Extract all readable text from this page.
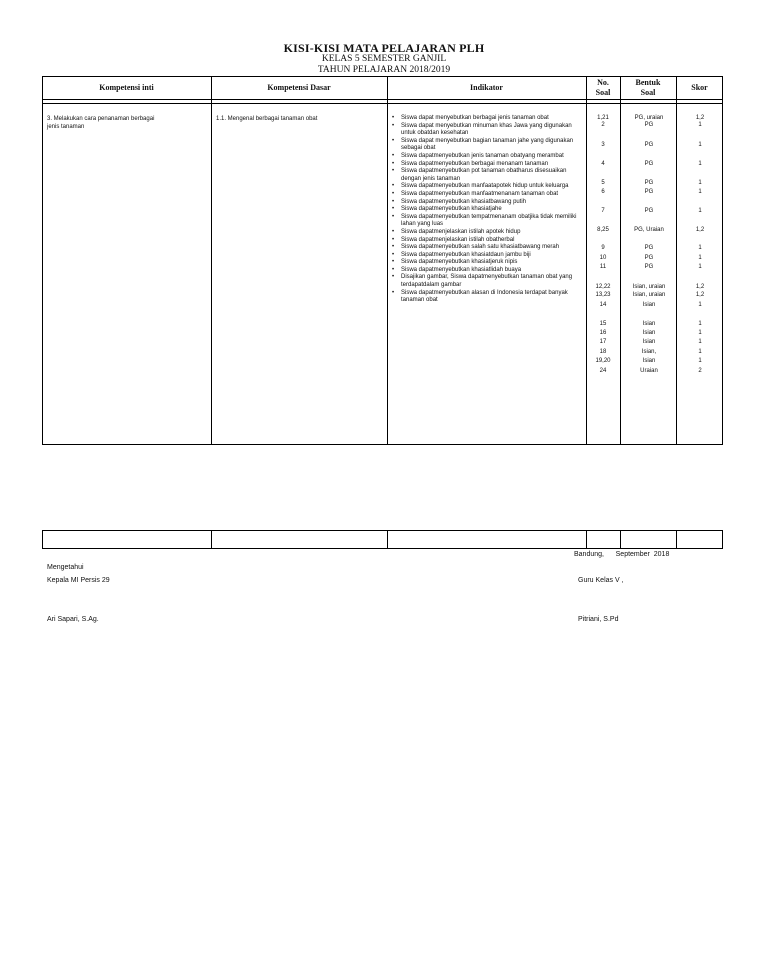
KISI-KISI MATA PELAJARAN PLH
KELAS 5 SEMESTER GANJIL
TAHUN PELAJARAN 2018/2019
Kompetensi inti	Kompetensi Dasar	Indikator
No.
Soal
Bentuk
Soal
Skor
3. Melakukan cara penanaman berbagai jenis tanaman
1.1. Mengenal berbagai tanaman obat
•	Siswa dapat menyebutkan berbagai jenis tanaman obat
• Siswa dapat menyebutkan minuman khas Jawa yang digunakan untuk obatdan kesehatan
• Siswa dapat menyebutkan bagian tanaman jahe yang digunakan sebagai obat
• Siswa dapatmenyebutkan jenis tanaman obatyang merambat
• Siswa dapatmenyebutkan berbagai menanam tanaman
• Siswa dapatmenyebutkan pot tanaman obatharus disesuaikan dengan jenis tanaman
• Siswa dapatmenyebutkan manfaatapotek hidup untuk keluarga
• Siswa dapatmenyebutkan manfaatmenanam tanaman obat
• Siswa dapatmenyebutkan khasiatbawang putih
• Siswa dapatmenyebutkan khasiatjahe
• Siswa dapatmenyebutkan tempatmenanam obatjika tidak memiliki lahan yang luas
• Siswa dapatmenjelaskan istilah apotek hidup
• Siswa dapatmenjelaskan istilah obatherbal
• Siswa dapatmenyebutkan salah satu khasiatbawang merah
• Siswa dapatmenyebutkan khasiatdaun jambu biji
• Siswa dapatmenyebutkan khasiatjeruk nipis
• Siswa dapatmenyebutkan khasiatlidah buaya
• Disajikan gambar, Siswa dapatmenyebutkan tanaman obat yang terdapatdalam gambar
• Siswa dapatmenyebutkan alasan di Indonesia terdapat banyak tanaman obat
1,21
2
3
4
5
6
7
8,25
9
10
11
12,22
13,23
14
15
16
17
18
19,20
24
PG, uraian
PG
PG
PG
PG
PG
PG
PG, Uraian
PG
PG
PG
Isian, uraian
Isian, uraian
Isian
Isian
Isian
Isian
Isian,
Isian
Uraian
1,2
1
1
1
1
1
1
1,2
1
1
1
1,2
1,2
1
1
1
1
1
1
2
Bandung,      September  2018
Mengetahui
Kepala MI Persis 29	Guru Kelas V ,
Ari Sapari, S.Ag.	Pitriani, S.Pd
